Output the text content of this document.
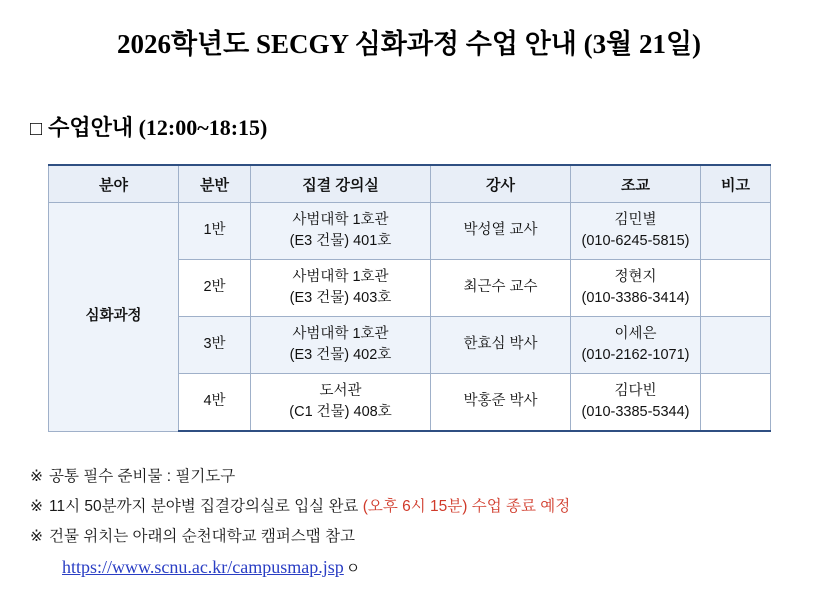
2026학년도 SECGY 심화과정 수업 안내 (3월 21일)
□ 수업안내 (12:00~18:15)
분야	분반	집결 강의실	강사	조교	비고
심화과정	1반	사범대학 1호관
(E3 건물) 401호	박성열 교사	김민별
(010-6245-5815)	

	2반	사범대학 1호관
(E3 건물) 403호	최근수 교수	정현지
(010-3386-3414)	

	3반	사범대학 1호관
(E3 건물) 402호	한효심 박사	이세은
(010-2162-1071)	

	4반	도서관
(C1 건물) 408호	박홍준 박사	김다빈
(010-3385-5344)	

※ 공통 필수 준비물 : 필기도구
※ 11시 50분까지 분야별 집결강의실로 입실 완료 (오후 6시 15분) 수업 종료 예정
※ 건물 위치는 아래의 순천대학교 캠퍼스맵 참고
https://www.scnu.ac.kr/campusmap.jsp ㅇ
